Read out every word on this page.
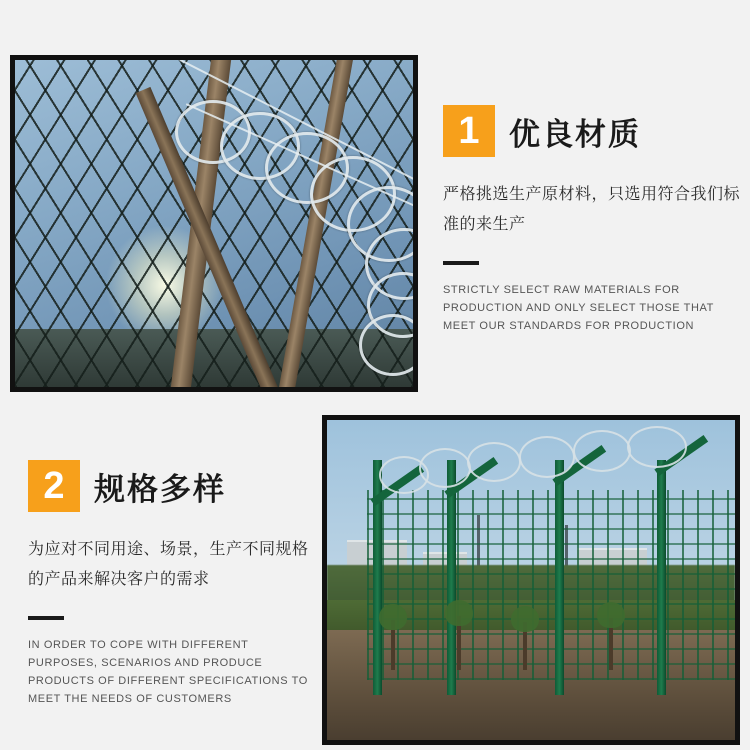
1 优良材质
严格挑选生产原材料，只选用符合我们标准的来生产
STRICTLY SELECT RAW MATERIALS FOR PRODUCTION AND ONLY SELECT THOSE THAT MEET OUR STANDARDS FOR PRODUCTION
2 规格多样
为应对不同用途、场景，生产不同规格的产品来解决客户的需求
IN ORDER TO COPE WITH DIFFERENT PURPOSES, SCENARIOS AND PRODUCE PRODUCTS OF DIFFERENT SPECIFICATIONS TO MEET THE NEEDS OF CUSTOMERS
